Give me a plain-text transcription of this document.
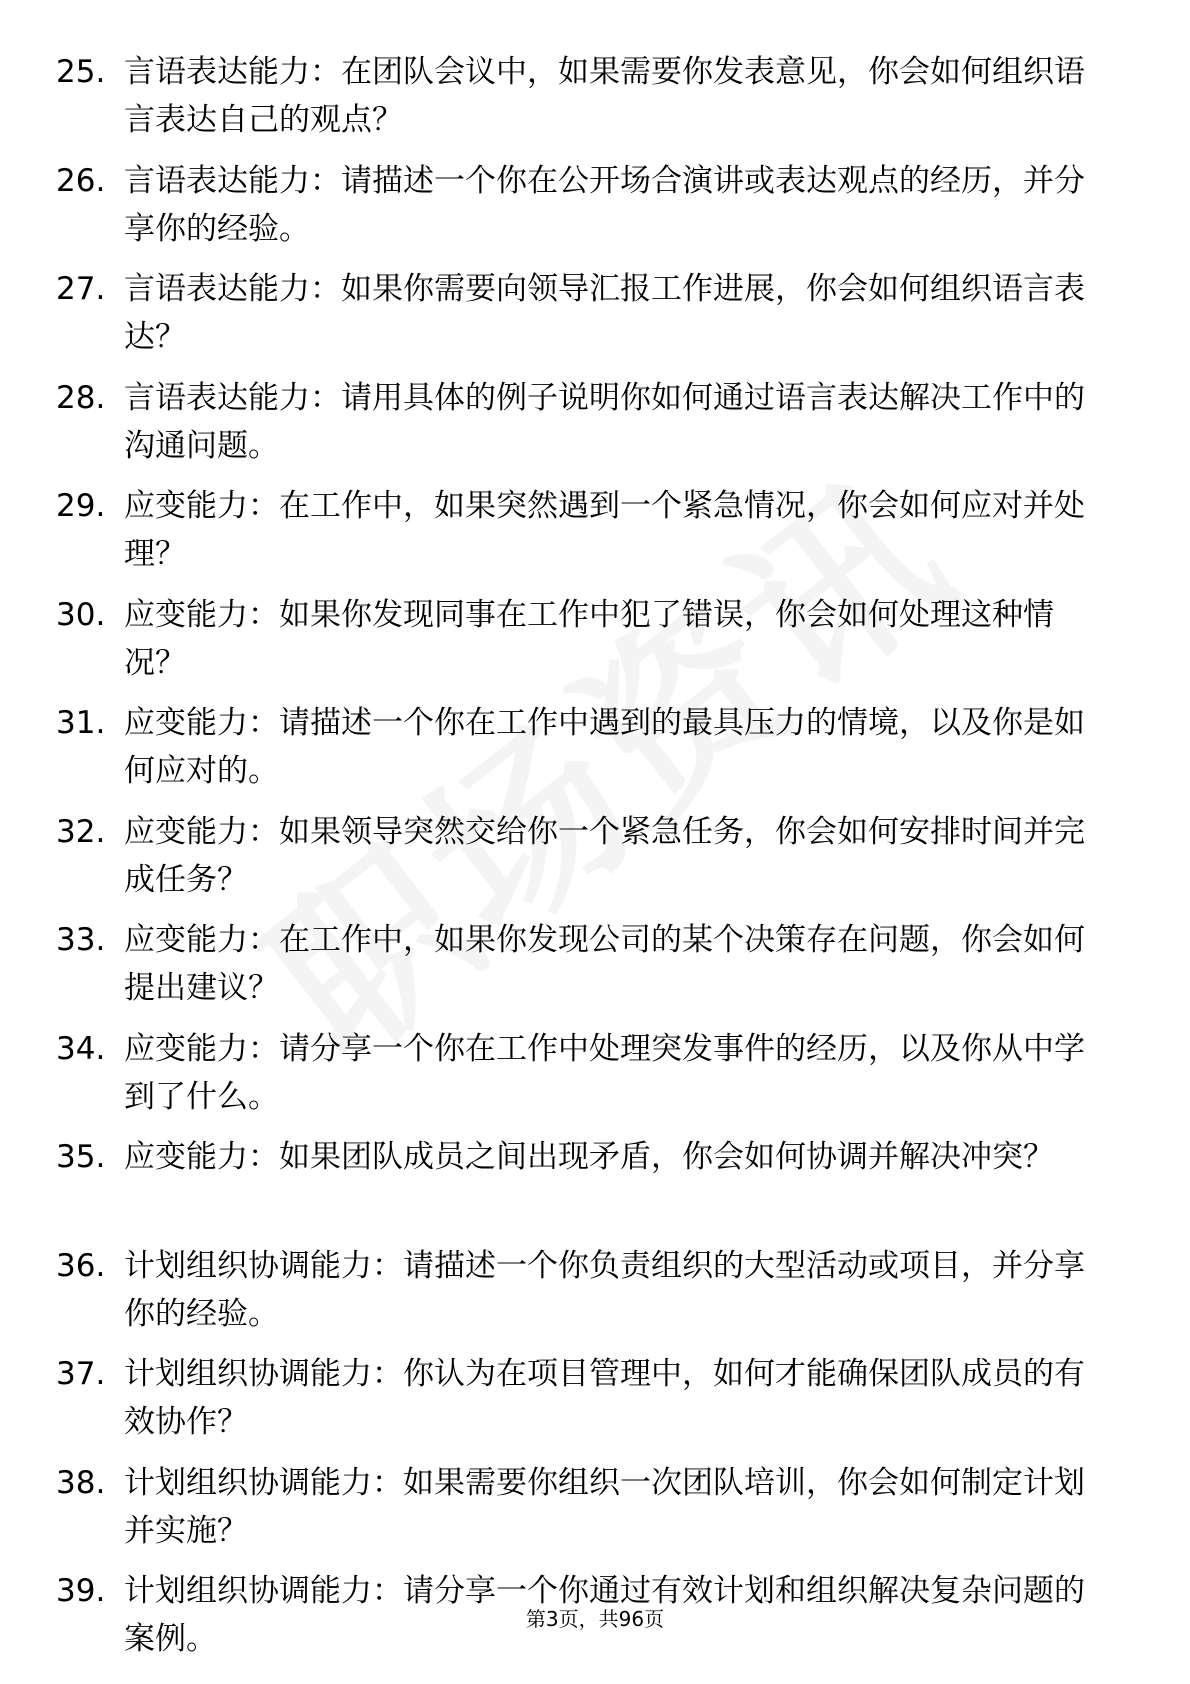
25. 言语表达能力：在团队会议中，如果需要你发表意见，你会如何组织语言表达自己的观点？
26. 言语表达能力：请描述一个你在公开场合演讲或表达观点的经历，并分享你的经验。
27. 言语表达能力：如果你需要向领导汇报工作进展，你会如何组织语言表达？
28. 言语表达能力：请用具体的例子说明你如何通过语言表达解决工作中的沟通问题。
29. 应变能力：在工作中，如果突然遇到一个紧急情况，你会如何应对并处理？
30. 应变能力：如果你发现同事在工作中犯了错误，你会如何处理这种情况？
31. 应变能力：请描述一个你在工作中遇到的最具压力的情境，以及你是如何应对的。
32. 应变能力：如果领导突然交给你一个紧急任务，你会如何安排时间并完成任务？
33. 应变能力：在工作中，如果你发现公司的某个决策存在问题，你会如何提出建议？
34. 应变能力：请分享一个你在工作中处理突发事件的经历，以及你从中学到了什么。
35. 应变能力：如果团队成员之间出现矛盾，你会如何协调并解决冲突？
36. 计划组织协调能力：请描述一个你负责组织的大型活动或项目，并分享你的经验。
37. 计划组织协调能力：你认为在项目管理中，如何才能确保团队成员的有效协作？
38. 计划组织协调能力：如果需要你组织一次团队培训，你会如何制定计划并实施？
39. 计划组织协调能力：请分享一个你通过有效计划和组织解决复杂问题的案例。
第3页，共96页
